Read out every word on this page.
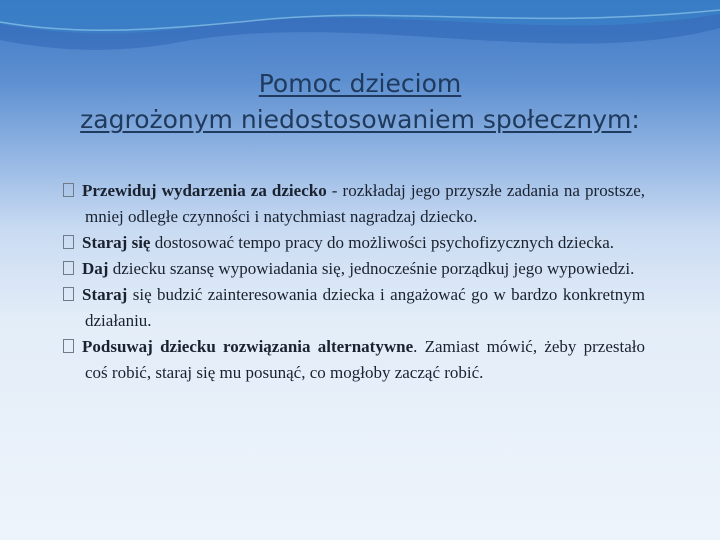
Pomoc dzieciom
zagrożonym niedostosowaniem społecznym:

Przewiduj wydarzenia za dziecko - rozkładaj jego przyszłe zadania na prostsze, mniej odległe czynności i natychmiast nagradzaj dziecko.

Staraj się dostosować tempo pracy do możliwości psychofizycznych dziecka.

Daj dziecku szansę wypowiadania się, jednocześnie porządkuj jego wypowiedzi.

Staraj się budzić zainteresowania dziecka i angażować go w bardzo konkretnym działaniu.

Podsuwaj dziecku rozwiązania alternatywne. Zamiast mówić, żeby przestało coś robić, staraj się mu posunąć, co mogłoby zacząć robić.
